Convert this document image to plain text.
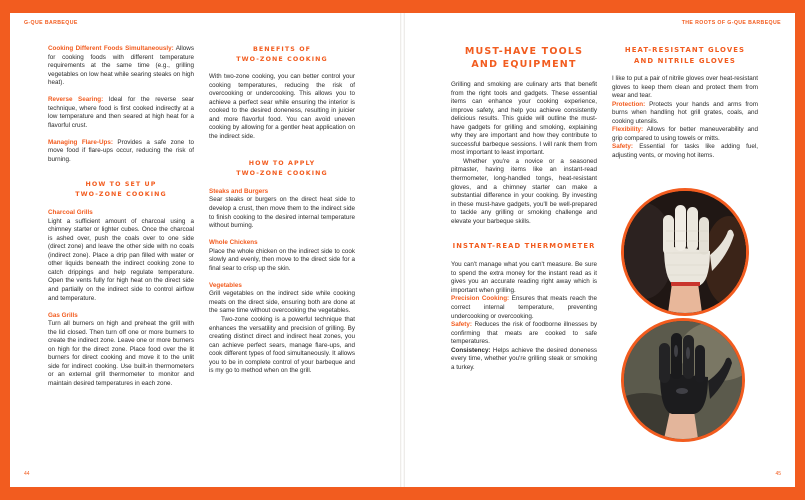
G-QUE BARBEQUE	THE ROOTS OF G-QUE BARBEQUE

Cooking Different Foods Simultaneously: Allows for cooking foods with different temperature requirements at the same time (e.g., grilling vegetables on low heat while searing steaks on high heat).

Reverse Searing: Ideal for the reverse sear technique, where food is first cooked indirectly at a low temperature and then seared at high heat for a flavorful crust.

Managing Flare-Ups: Provides a safe zone to move food if flare-ups occur, reducing the risk of burning.

HOW TO SET UP
TWO-ZONE COOKING
Charcoal Grills

Light a sufficient amount of charcoal using a chimney starter or lighter cubes. Once the charcoal is ashed over, push the coals over to one side (direct zone) and leave the other side with no coals (indirect zone). Place a drip pan filled with water or other liquids beneath the indirect cooking zone to catch drippings and help regulate temperature. Open the vents fully for high heat on the direct side and partially on the indirect side to control airflow and temperature.

Gas Grills

Turn all burners on high and preheat the grill with the lid closed. Then turn off one or more burners to create the indirect zone. Leave one or more burners on high for the direct zone. Place food over the lit burners for direct cooking and move it to the unlit side for indirect cooking. Use built-in thermometers or an external grill thermometer to monitor and maintain desired temperatures in each zone.

BENEFITS OF
TWO-ZONE COOKING

With two-zone cooking, you can better control your cooking temperatures, reducing the risk of overcooking or undercooking. This allows you to achieve a perfect sear while ensuring the interior is cooked to the desired doneness, resulting in juicier and more flavorful food. You can avoid uneven cooking by allowing for a gentler heat application on the indirect side.

HOW TO APPLY
TWO-ZONE COOKING
Steaks and Burgers

Sear steaks or burgers on the direct heat side to develop a crust, then move them to the indirect side to finish cooking to the desired internal temperature without burning.

Whole Chickens

Place the whole chicken on the indirect side to cook slowly and evenly, then move to the direct side for a final sear to crisp up the skin.

Vegetables

Grill vegetables on the indirect side while cooking meats on the direct side, ensuring both are done at the same time without overcooking the vegetables.

Two-zone cooking is a powerful technique that enhances the versatility and precision of grilling. By creating distinct direct and indirect heat zones, you can achieve perfect sears, manage flare-ups, and cook different types of food simultaneously. It allows you to be in complete control of your barbeque and is my go to method when on the grill.

MUST-HAVE TOOLS
AND EQUIPMENT

Grilling and smoking are culinary arts that benefit from the right tools and gadgets. These essential items can enhance your cooking experience, improve safety, and help you achieve consistently delicious results. This guide will outline the must-have gadgets for grilling and smoking, explaining why they are important and how they contribute to successful barbeque sessions. I will rank them from most important to least important.

Whether you're a novice or a seasoned pitmaster, having items like an instant-read thermometer, long-handled tongs, heat-resistant gloves, and a chimney starter can make a substantial difference in your cooking. By investing in these must-have gadgets, you'll be well-prepared to tackle any grilling or smoking challenge and elevate your barbeque skills.

INSTANT-READ THERMOMETER

You can't manage what you can't measure. Be sure to spend the extra money for the instant read as it gives you an accurate reading right away which is important when grilling.

Precision Cooking: Ensures that meats reach the correct internal temperature, preventing undercooking or overcooking.

Safety: Reduces the risk of foodborne illnesses by confirming that meats are cooked to safe temperatures.

Consistency: Helps achieve the desired doneness every time, whether you're grilling steak or smoking a turkey.

HEAT-RESISTANT GLOVES
AND NITRILE GLOVES

I like to put a pair of nitrile gloves over heat-resistant gloves to keep them clean and protect them from wear and tear.

Protection: Protects your hands and arms from burns when handling hot grill grates, coals, and cooking utensils.

Flexibility: Allows for better maneuverability and grip compared to using towels or mitts.

Safety: Essential for tasks like adding fuel, adjusting vents, or moving hot items.

44	45
